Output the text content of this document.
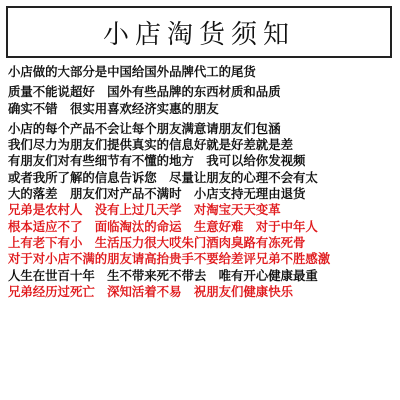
小店淘货须知
小店做的大部分是中国给国外品牌代工的尾货
质量不能说超好　国外有些品牌的东西材质和品质
确实不错　很实用喜欢经济实惠的朋友
小店的每个产品不会让每个朋友满意请朋友们包涵
我们尽力为朋友们提供真实的信息好就是好差就是差
有朋友们对有些细节有不懂的地方　我可以给你发视频
或者我所了解的信息告诉您　尽量让朋友的心理不会有太
大的落差　朋友们对产品不满时　小店支持无理由退货
兄弟是农村人　没有上过几天学　对淘宝天天变革
根本适应不了　面临淘汰的命运　生意好难　对于中年人
上有老下有小　生活压力很大哎朱门酒肉臭路有冻死骨
对于对小店不满的朋友请高抬贵手不要给差评兄弟不胜感激
人生在世百十年　生不带来死不带去　唯有开心健康最重
兄弟经历过死亡　深知活着不易　祝朋友们健康快乐
